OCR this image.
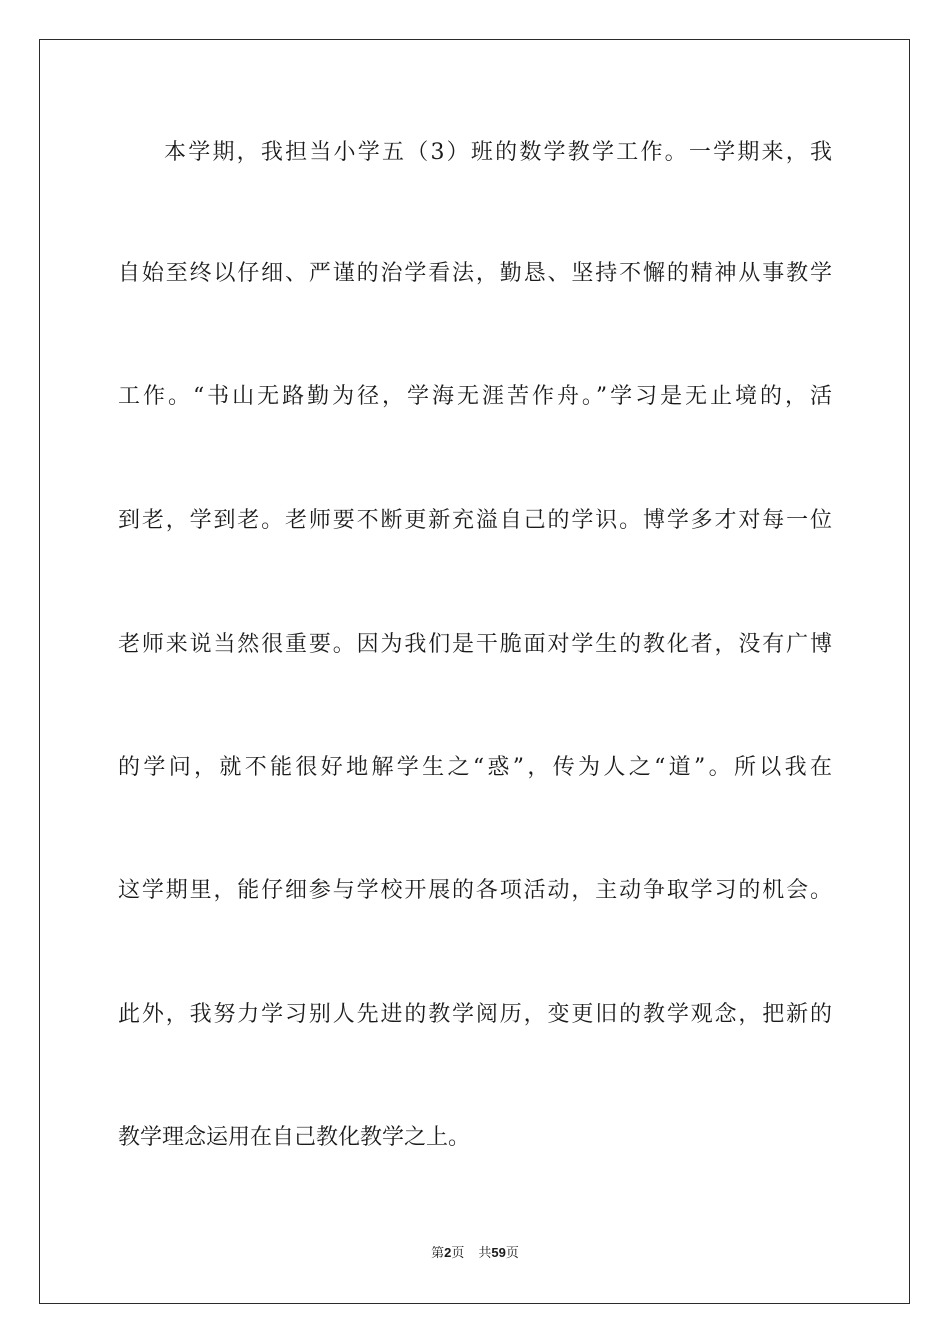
本学期，我担当小学五（3）班的数学教学工作。一学期来，我
自始至终以仔细、严谨的治学看法，勤恳、坚持不懈的精神从事教学
工作。“书山无路勤为径，学海无涯苦作舟。”学习是无止境的，活
到老，学到老。老师要不断更新充溢自己的学识。博学多才对每一位
老师来说当然很重要。因为我们是干脆面对学生的教化者，没有广博
的学问，就不能很好地解学生之“惑”，传为人之“道”。所以我在
这学期里，能仔细参与学校开展的各项活动，主动争取学习的机会。
此外，我努力学习别人先进的教学阅历，变更旧的教学观念，把新的
教学理念运用在自己教化教学之上。
第2页 共59页
